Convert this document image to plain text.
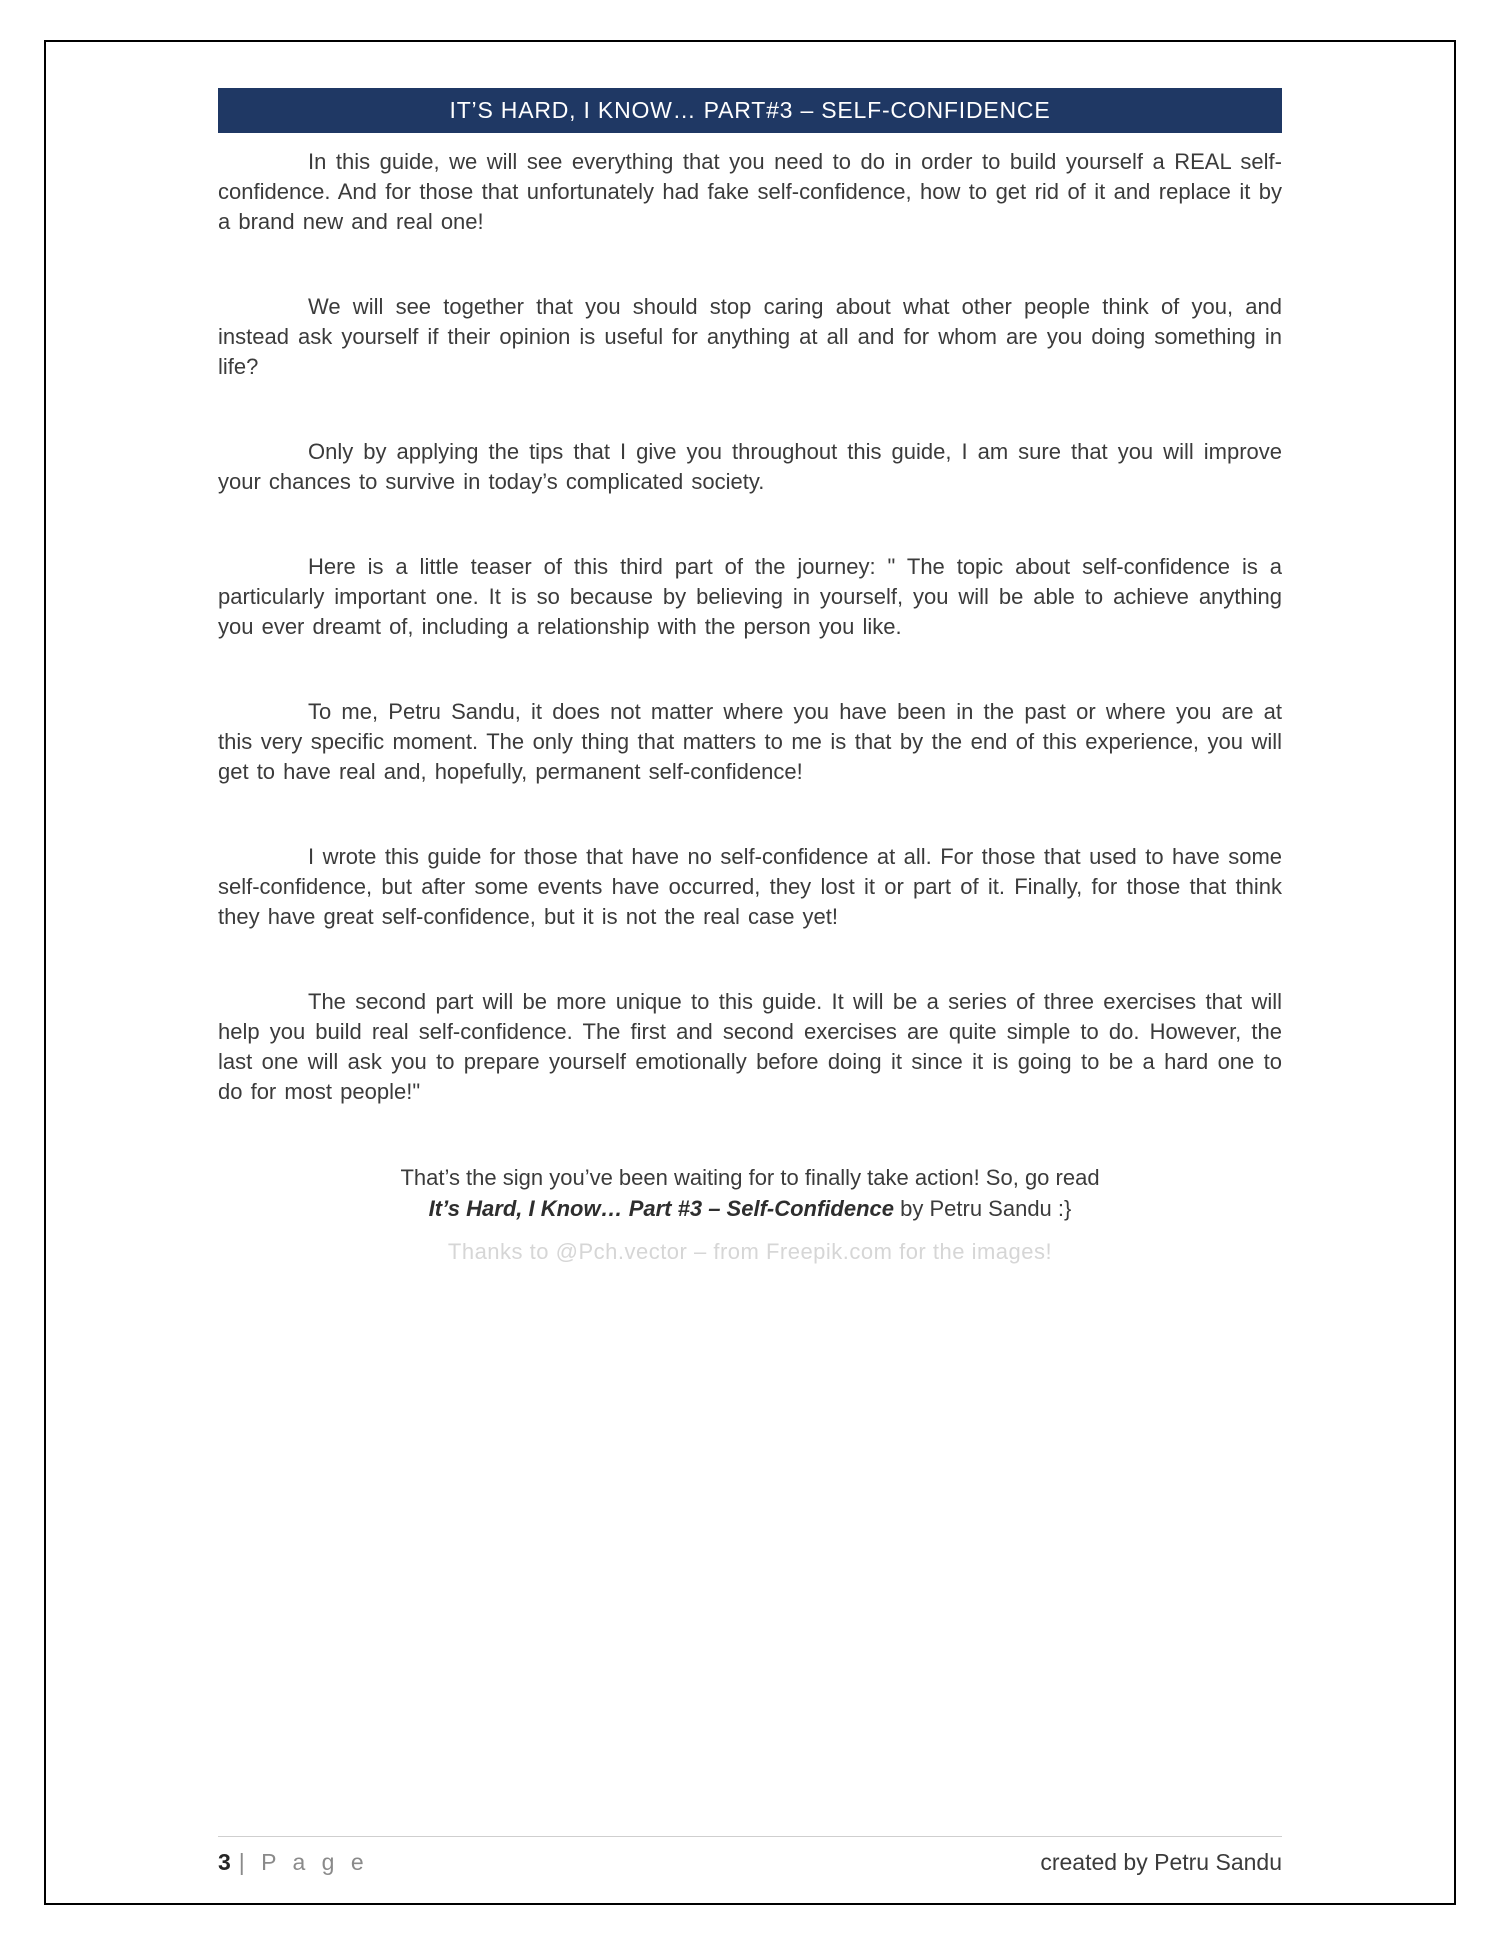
IT’S HARD, I KNOW… PART#3 – SELF-CONFIDENCE

In this guide, we will see everything that you need to do in order to build yourself a REAL self-confidence. And for those that unfortunately had fake self-confidence, how to get rid of it and replace it by a brand new and real one!

We will see together that you should stop caring about what other people think of you, and instead ask yourself if their opinion is useful for anything at all and for whom are you doing something in life?

Only by applying the tips that I give you throughout this guide, I am sure that you will improve your chances to survive in today’s complicated society.

Here is a little teaser of this third part of the journey: " The topic about self-confidence is a particularly important one. It is so because by believing in yourself, you will be able to achieve anything you ever dreamt of, including a relationship with the person you like.

To me, Petru Sandu, it does not matter where you have been in the past or where you are at this very specific moment. The only thing that matters to me is that by the end of this experience, you will get to have real and, hopefully, permanent self-confidence!

I wrote this guide for those that have no self-confidence at all. For those that used to have some self-confidence, but after some events have occurred, they lost it or part of it. Finally, for those that think they have great self-confidence, but it is not the real case yet!

The second part will be more unique to this guide. It will be a series of three exercises that will help you build real self-confidence. The first and second exercises are quite simple to do. However, the last one will ask you to prepare yourself emotionally before doing it since it is going to be a hard one to do for most people!"

That’s the sign you’ve been waiting for to finally take action! So, go read
It’s Hard, I Know… Part #3 – Self-Confidence by Petru Sandu :}
Thanks to @Pch.vector – from Freepik.com for the images!
3 | P a g e	created by Petru Sandu
